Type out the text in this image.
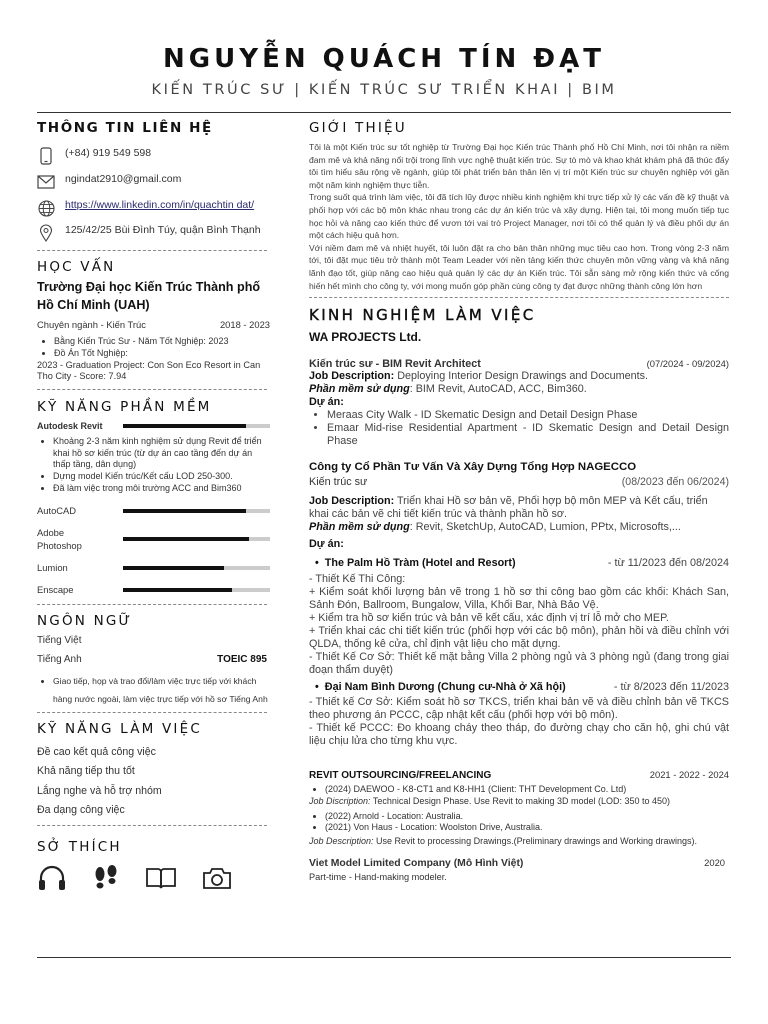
NGUYỄN QUÁCH TÍN ĐẠT
KIẾN TRÚC SƯ | KIẾN TRÚC SƯ TRIỂN KHAI | BIM
THÔNG TIN LIÊN HỆ
(+84) 919 549 598
ngindat2910@gmail.com
https://www.linkedin.com/in/quachtin dat/
125/42/25 Bùi Đình Túy, quận Bình Thạnh
HỌC VẤN
Trường Đại học Kiến Trúc Thành phố Hồ Chí Minh (UAH)
Chuyên ngành - Kiến Trúc	2018 - 2023
• Bằng Kiến Trúc Sư - Năm Tốt Nghiệp: 2023
• Đồ Án Tốt Nghiệp:
2023 - Graduation Project: Con Son Eco Resort in Can Tho City - Score: 7.94
KỸ NĂNG PHẦN MỀM
Autodesk Revit
• Khoảng 2-3 năm kinh nghiệm sử dụng Revit để triển khai hồ sơ kiến trúc (từ dự án cao tầng đến dự án thấp tầng, dân dụng)
• Dựng model Kiến trúc/Kết cấu LOD 250-300.
• Đã làm việc trong môi trường ACC and Bim360
AutoCAD
Adobe Photoshop
Lumion
Enscape
NGÔN NGỮ
Tiếng Việt
Tiếng Anh	TOEIC 895
• Giao tiếp, họp và trao đổi/làm việc trực tiếp với khách hàng nước ngoài, làm việc trực tiếp với hồ sơ Tiếng Anh
KỸ NĂNG LÀM VIỆC
Đề cao kết quả công việc
Khả năng tiếp thu tốt
Lắng nghe và hỗ trợ nhóm
Đa dạng công việc
SỞ THÍCH
GIỚI THIỆU

Tôi là một Kiến trúc sư tốt nghiệp từ Trường Đại học Kiến trúc Thành phố Hồ Chí Minh, nơi tôi nhận ra niềm đam mê và khả năng nổi trội trong lĩnh vực nghệ thuật kiến trúc. Sự tò mò và khao khát khám phá đã thúc đẩy tôi tìm hiểu sâu rộng về ngành, giúp tôi phát triển bản thân lên vị trí một Kiến trúc sư chuyên nghiệp với gần một năm kinh nghiệm thực tiễn.

Trong suốt quá trình làm việc, tôi đã tích lũy được nhiều kinh nghiệm khi trực tiếp xử lý các vấn đề kỹ thuật và phối hợp với các bộ môn khác nhau trong các dự án kiến trúc và xây dựng. Hiện tại, tôi mong muốn tiếp tục học hỏi và nâng cao kiến thức để vươn tới vai trò Project Manager, nơi tôi có thể quản lý và điều phối dự án một cách hiệu quả hơn.

Với niềm đam mê và nhiệt huyết, tôi luôn đặt ra cho bản thân những mục tiêu cao hơn. Trong vòng 2-3 năm tới, tôi đặt mục tiêu trở thành một Team Leader với nền tảng kiến thức chuyên môn vững vàng và khả năng lãnh đạo tốt, giúp nâng cao hiệu quả quản lý các dự án Kiến trúc. Tôi sẵn sàng mở rộng kiến thức và cống hiến hết mình cho công ty, với mong muốn góp phần cùng công ty đạt được những thành công lớn hơn

KINH NGHIỆM LÀM VIỆC
WA PROJECTS Ltd.
Kiến trúc sư - BIM Revit Architect	(07/2024 - 09/2024)
Job Description: Deploying Interior Design Drawings and Documents.
Phần mềm sử dụng: BIM Revit, AutoCAD, ACC, Bim360.
Dự án:
• Meraas City Walk - ID Skematic Design and Detail Design Phase
• Emaar Mid-rise Residential Apartment - ID Skematic Design and Detail Design Phase
Công ty Cổ Phần Tư Vấn Và Xây Dựng Tổng Hợp NAGECCO
Kiến trúc sư	(08/2023 đến 06/2024)
Job Description: Triển khai Hồ sơ bản vẽ, Phối hợp bộ môn MEP và Kết cấu, triển khai các bản vẽ chi tiết kiến trúc và thành phần hồ sơ.
Phần mềm sử dụng: Revit, SketchUp, AutoCAD, Lumion, PPtx, Microsofts,...
Dự án:
•  The Palm Hồ Tràm (Hotel and Resort)	- từ 11/2023 đến 08/2024
- Thiết Kế Thi Công:
+ Kiểm soát khối lượng bản vẽ trong 1 hồ sơ thi công bao gồm các khối: Khách San, Sảnh Đón, Ballroom, Bungalow, Villa, Khối Bar, Nhà Bảo Vệ.
+ Kiểm tra hồ sơ kiến trúc và bản vẽ kết cấu, xác định vị trí lỗ mở cho MEP.
+ Triển khai các chi tiết kiến trúc (phối hợp với các bộ môn), phản hồi và điều chỉnh với QLDA, thống kê cửa, chỉ định vật liệu cho mặt dựng.
- Thiết Kế Cơ Sở: Thiết kế mặt bằng Villa 2 phòng ngủ và 3 phòng ngủ (đang trong giai đoạn thẩm duyệt)
•  Đại Nam Bình Dương (Chung cư-Nhà ở Xã hội)	- từ 8/2023 đến 11/2023
- Thiết kế Cơ Sở: Kiểm soát hồ sơ TKCS, triển khai bản vẽ và điều chỉnh bản vẽ TKCS theo phương án PCCC, cập nhật kết cấu (phối hợp với bộ môn).
- Thiết kế PCCC: Đo khoang cháy theo tháp, đo đường chạy cho căn hộ, ghi chú vật liệu chịu lửa cho từng khu vực.
REVIT OUTSOURCING/FREELANCING	2021 - 2022 - 2024
• (2024) DAEWOO - K8-CT1 and K8-HH1 (Client: THT Development Co. Ltd)
Job Discription: Technical Design Phase. Use Revit to making 3D model (LOD: 350 to 450)
• (2022) Arnold - Location: Australia.
• (2021) Von Haus - Location: Woolston Drive, Australia.
Job Description: Use Revit to processing Drawings.(Preliminary drawings and Working drawings).
Viet Model Limited Company (Mô Hình Việt)	2020
Part-time - Hand-making modeler.
